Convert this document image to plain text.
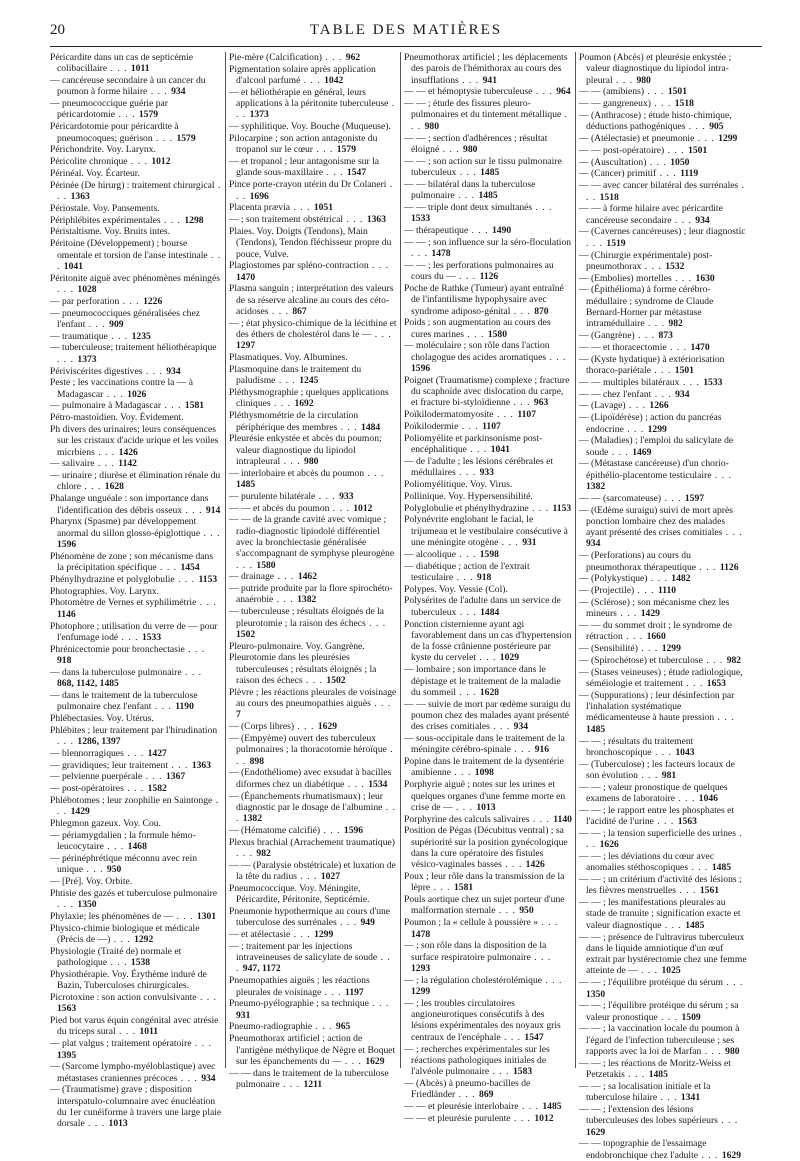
20	TABLE DES MATIÈRES
Péricardite dans un cas de septicémie colibacillaire . . . 1011
— cancéreuse secondaire à un cancer du poumon à forme hilaire . . . 934
— pneumococcique guérie par péricardotomie . . . 1579
Péricardotomie pour péricardite à pneumocoques; guérison . . . 1579
Périchondrite. Voy. Larynx.
Péricolite chronique . . . 1012
Périnéal. Voy. Écarteur.
Périnée (De hirurg) : traitement chirurgical . . . 1363
Périostale. Voy. Pansements.
Périphlébites expérimentales . . . 1298
Péristaltisme. Voy. Bruits intes.
Péritoine (Développement) ; bourse omentale et torsion de l'anse intestinale . . . 1041
Péritonite aiguë avec phénomènes méningés . . . 1028
— par perforation . . . 1226
— pneumococciques généralisées chez l'enfant . . . 909
— traumatique . . . 1235
— tuberculeuse; traitement héliothérapique . . . 1373
Périviscérites digestives . . . 934
Peste ; les vaccinations contre la — à Madagascar . . . 1026
— pulmonaire à Madagascar . . . 1581
Pétro-mastoïdien. Voy. Évidement.
Ph divers des urinaires; leurs conséquences sur les cristaux d'acide urique et les voiles micrbiens . . . 1426
— salivaire . . . 1142
— urinaire ; diurèse et élimination rénale du chlore . . . 1628
Phalange unguéale : son importance dans l'identification des débris osseux . . . 914
Pharynx (Spasme) par développement anormal du sillon glosso-épiglottique . . . 1596
Phénomène de zone ; son mécanisme dans la précipitation spécifique . . . 1454
Phénylhydrazine et polyglobulie . . . 1153
Photographies. Voy. Larynx.
Photomètre de Vernes et syphilimétrie . . . 1146
Photophore ; utilisation du verre de — pour l'enfumage iodé . . . 1533
Phrénicectomie pour bronchectasie . . . 918
— dans la tuberculose pulmonaire . . . 868, 1142, 1485
— dans le traitement de la tuberculose pulmonaire chez l'enfant . . . 1190
Phlébectasies. Voy. Utérus.
Phlébites ; leur traitement par l'hirudination . . . 1286, 1397
— blennorragiques . . . 1427
— gravidiques; leur traitement . . . 1363
— pelvienne puerpérale . . . 1367
— post-opératoires . . . 1582
Phlébotomes ; leur zoophilie en Saintonge . . . 1429
Phlegmon gazeux. Voy. Cou.
— périamygdalien ; la formule hémo-leucocytaire . . . 1468
— périnéphrétique méconnu avec rein unique . . . 950
— [Pré]. Voy. Orbite.
Phtisie des gazés et tuberculose pulmonaire . . . 1350
Phylaxie; les phénomènes de — . . . 1301
Physico-chimie biologique et médicale (Précis de —) . . . 1292
Physiologie (Traité de) normale et pathologique . . . 1538
Physiothérapie. Voy. Érythème induré de Bazin, Tuberculoses chirurgicales.
Picrotoxine : son action convulsivante . . . 1563
Pied bot varus équin congénital avec atrésie du triceps sural . . . 1011
— plat valgus ; traitement opératoire . . . 1395
— (Sarcome lympho-myéloblastique) avec métastases craniennes précoces . . . 934
— (Traumatisme) grave ; disposition interspatulo-columnaire avec énucléation du 1er cunéiforme à travers une large plaie dorsale . . . 1013
Pie-mère (Calcification) . . . 962
Pigmentation solaire après application d'alcool parfumé . . . 1042
— et héliothérapie en général, leurs applications à la péritonite tuberculeuse . . . 1373
— syphilitique. Voy. Bouche (Muqueuse).
Pilocarpine ; son action antagoniste du tropanol sur le cœur . . . 1579
— et tropanol ; leur antagonisme sur la glande sous-maxillaire . . . 1547
Pince porte-crayon utérin du Dr Colaneri . . . 1696
Placenta prævia . . . 1051
— ; son traitement obstétrical . . . 1363
Plaies. Voy. Doigts (Tendons), Main (Tendons), Tendon fléchisseur propre du pouce, Vulve.
Plagiostomes par spléno-contraction . . . 1470
Plasma sanguin ; interprétation des valeurs de sa réserve alcaline au cours des céto-acidoses . . . 867
— ; état physico-chimique de la lécithine et des éthers de cholestérol dans le — . . . 1297
Plasmatiques. Voy. Albumines.
Plasmoquine dans le traitement du paludisme . . . 1245
Pléthysmographie ; quelques applications cliniques . . . 1692
Pléthysmométrie de la circulation périphérique des membres . . . 1484
Pleurésie enkystée et abcès du poumon; valeur diagnostique du lipiodol intrapleural . . . 980
— interlobaire et abcès du poumon . . . 1485
— purulente bilatérale . . . 933
— — et abcès du poumon . . . 1012
— — de la grande cavité avec vomique ; radio-diagnostic lipiodolé différentiel avec la bronchiectasie généralisée s'accompagnant de symphyse pleurogène . . . 1580
— drainage . . . 1462
— putride produite par la flore spirochéto-anaérobie . . . 1382
— tuberculeuse ; résultats éloignés de la pleurotomie ; la raison des échecs . . . 1502
Pleuro-pulmonaire. Voy. Gangrène.
Pleurotomie dans les pleurésies tuberculeuses ; résultats éloignés ; la raison des échecs . . . 1502
Plèvre ; les réactions pleurales de voisinage au cours des pneumopathies aiguës . . . 7
— (Corps libres) . . . 1629
— (Empyème) ouvert des tuberculeux pulmonaires ; la thoracotomie héroïque . . . 898
— (Endothéliome) avec exsudat à bacilles diformes chez un diabétique . . . 1534
— (Épanchements rhumatismaux) ; leur diagnostic par le dosage de l'albumine . . . 1382
— (Hématome calcifié) . . . 1596
Plexus brachial (Arrachement traumatique) . . . 982
— — (Paralysie obstétricale) et luxation de la tête du radius . . . 1027
Pneumococcique. Voy. Méningite, Péricardite, Péritonite, Septicémie.
Pneumonie hypothermique au cours d'une tuberculose des surrénales . . . 949
— et atélectasie . . . 1299
— ; traitement par les injections intraveineuses de salicylate de soude . . . 947, 1172
Pneumopathies aiguës ; les réactions pleurales de voisinage . . . 1197
Pneumo-pyélographie ; sa technique . . . 931
Pneumo-radiographie . . . 965
Pneumothorax artificiel ; action de l'antigène méthylique de Nègre et Boquet sur les épanchements du — . . . 1629
— — dans le traitement de la tuberculose pulmonaire . . . 1211
Pneumothorax artificiel ; les déplacements des parois de l'hémithorax au cours des insufflations . . . 941
— — et hémoptysie tuberculeuse . . . 964
— — ; étude des fissures pleuro-pulmonaires et du tintement métallique . . . 980
— — ; section d'adhérences ; résultat éloigné . . . 980
— — ; son action sur le tissu pulmonaire tuberculeux . . . 1485
— — bilatéral dans la tuberculose pulmonaire . . . 1485
— — triple dont deux simultanés . . . 1533
— thérapeutique . . . 1490
— — ; son influence sur la séro-floculation . . . 1478
— — ; les perforations pulmonaires au cours du — . . . 1126
Poche de Rathke (Tumeur) ayant entraîné de l'infantilisme hypophysaire avec syndrome adiposo-génital . . . 870
Poids ; son augmentation au cours des cures marines . . . 1580
— moléculaire ; son rôle dans l'action cholagogue des acides aromatiques . . . 1596
Poignet (Traumatisme) complexe ; fracture du scaphoïde avec dislocation du carpe, et fracture bi-styloïdienne . . . 963
Poïkilodermatomyosite . . . 1107
Poïkilodermie . . . 1107
Poliomyélite et parkinsonisme post-encéphalitique . . . 1041
— de l'adulte ; les lésions cérébrales et médullaires . . . 933
Poliomyélitique. Voy. Virus.
Pollinique. Voy. Hypersensibilité.
Polyglobulie et phénylhydrazine . . . 1153
Polynévrite englobant le facial, le trijumeau et le vestibulaire consécutive à une méningite otogène . . . 931
— alcoolique . . . 1598
— diabétique ; action de l'extrait testiculaire . . . 918
Polypes. Voy. Vessie (Col).
Polysérites de l'adulte dans un service de tuberculeux . . . 1484
Ponction cisternienne ayant agi favorablement dans un cas d'hypertension de la fosse crânienne postérieure par kyste du cervelet . . . 1029
— lombaire ; son importance dans le dépistage et le traitement de la maladie du sommeil . . . 1628
— — suivie de mort par œdème suraigu du poumon chez des malades ayant présenté des crises comitiales . . . 934
— sous-occipitale dans le traitement de la méningite cérébro-spinale . . . 916
Popine dans le traitement de la dysentérie amibienne . . . 1098
Porphyrie aiguë ; notes sur les urines et quelques organes d'une femme morte en crise de — . . . 1013
Porphyrine des calculs salivaires . . . 1140
Position de Pégas (Décubitus ventral) ; sa supériorité sur la position gynécologique dans la cure opératoire des fistules vésico-vaginales basses . . . 1426
Poux ; leur rôle dans la transmission de la lèpre . . . 1581
Pouls aortique chez un sujet porteur d'une malformation sternale . . . 950
Poumon ; la « cellule à poussière » . . . 1478
— ; son rôle dans la disposition de la surface respiratoire pulmonaire . . . 1293
— ; la régulation cholestérolémique . . . 1299
— ; les troubles circulatoires angioneurotiques consécutifs à des lésions expérimentales des noyaux gris centraux de l'encéphale . . . 1547
— ; recherches expérimentales sur les réactions pathologiques initiales de l'alvéole pulmonaire . . . 1583
— (Abcès) à pneumo-bacilles de Friedländer . . . 869
— — et pleurésie interlobaire . . . 1485
— — et pleurésie purulente . . . 1012
Poumon (Abcès) et pleurésie enkystée ; valeur diagnostique du lipiodol intra-pleural . . . 980
— — (amibiens) . . . 1501
— — gangreneux) . . . 1518
— (Anthracose) ; étude histo-chimique, déductions pathogéniques . . . 905
— (Atélectasie) et pneumonie . . . 1299
— — post-opératoire) . . . 1501
— (Auscultation) . . . 1050
— (Cancer) primitif . . . 1119
— — avec cancer bilatéral des surrénales . . . 1518
— — à forme hilaire avec péricardite cancéreuse secondaire . . . 934
— (Cavernes cancéreuses) ; leur diagnostic . . . 1519
— (Chirurgie expérimentale) post-pneumothorax . . . 1532
— (Embolies) mortelles . . . 1630
— (Épithélioma) à forme cérébro-médullaire ; syndrome de Claude Bernard-Horner par métastase intramédullaire . . . 982
— (Gangrène) . . . 873
— — et thoracectomie . . . 1470
— (Kyste hydatique) à extériorisation thoraco-pariétale . . . 1501
— — multiples bilatéraux . . . 1533
— — chez l'enfant . . . 934
— (Lavage) . . . 1266
— (Lipoïdérèse) ; action du pancréas endocrine . . . 1299
— (Maladies) ; l'emploi du salicylate de soude . . . 1469
— (Métastase cancéreuse) d'un chorio-épithélio-placentome testiculaire . . . 1382
— — (sarcomateuse) . . . 1597
— (Œdème suraigu) suivi de mort après ponction lombaire chez des malades ayant présenté des crises comitiales . . . 934
— (Perforations) au cours du pneumothorax thérapeutique . . . 1126
— (Polykystique) . . . 1482
— (Projectile) . . . 1110
— (Sclérose) ; son mécanisme chez les mineurs . . . 1429
— — du sommet droit ; le syndrome de rétraction . . . 1660
— (Sensibilité) . . . 1299
— (Spirochétose) et tuberculose . . . 982
— (Stases veineuses) ; étude radiologique, séméiologie et traitement . . . 1653
— (Suppurations) ; leur désinfection par l'inhalation systématique médicamenteuse à haute pression . . . 1485
— — ; résultats du traitement bronchoscopique . . . 1043
— (Tuberculose) ; les facteurs locaux de son évolution . . . 981
— — ; valeur pronostique de quelques examens de laboratoire . . . 1046
— — ; le rapport entre les phosphates et l'acidité de l'urine . . . 1563
— — ; la tension superficielle des urines . . . 1626
— — ; les déviations du cœur avec anomalies stéthoscopiques . . . 1485
— — ; un critérium d'activité des lésions ; les fièvres menstruelles . . . 1561
— — ; les manifestations pleurales au stade de tranuite ; signification exacte et valeur diagnostique . . . 1485
— — ; présence de l'ultravirus tuberculeux dans le liquide amniotique d'un œuf extrait par hystérectomie chez une femme atteinte de — . . . 1025
— — ; l'équilibre protéique du sérum . . . 1350
— — ; l'équilibre protéique du sérum ; sa valeur pronostique . . . 1509
— — ; la vaccination locale du poumon à l'égard de l'infection tuberculeuse ; ses rapports avec la loi de Marfan . . . 980
— — ; les réactions de Moritz-Weiss et Petzetakis . . . 1485
— — ; sa localisation initiale et la tuberculose hilaire . . . 1341
— — ; l'extension des lésions tuberculeuses des lobes supérieurs . . . 1629
— — topographie de l'essaimage endobronchique chez l'adulte . . . 1629
